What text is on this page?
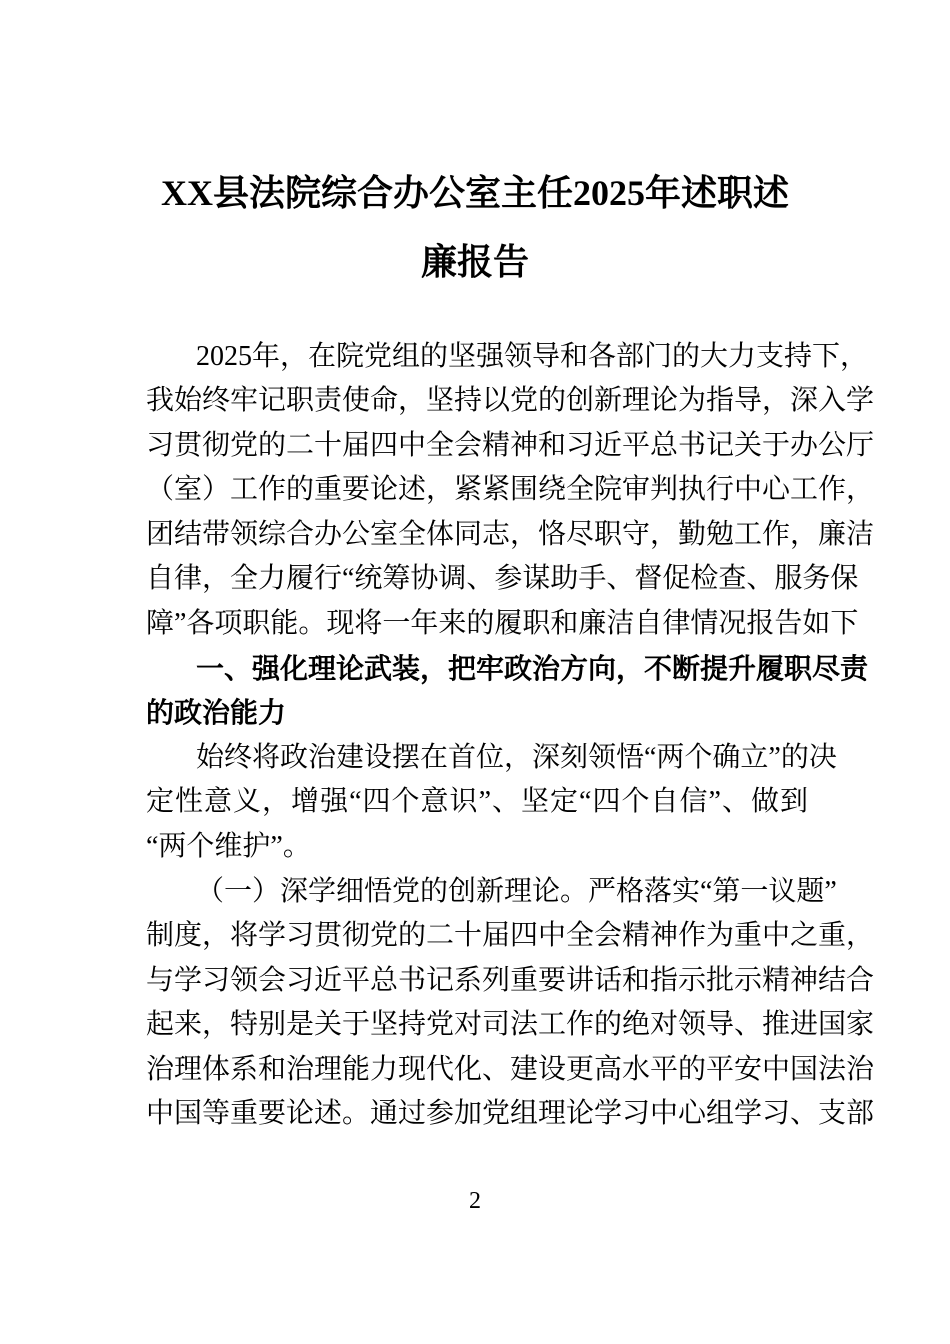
XX县法院综合办公室主任2025年述职述
廉报告
2025年，在院党组的坚强领导和各部门的大力支持下，
我始终牢记职责使命，坚持以党的创新理论为指导，深入学
习贯彻党的二十届四中全会精神和习近平总书记关于办公厅
（室）工作的重要论述，紧紧围绕全院审判执行中心工作，
团结带领综合办公室全体同志，恪尽职守，勤勉工作，廉洁
自律，全力履行“统筹协调、参谋助手、督促检查、服务保
障”各项职能。现将一年来的履职和廉洁自律情况报告如下
一、强化理论武装，把牢政治方向，不断提升履职尽责
的政治能力
始终将政治建设摆在首位，深刻领悟“两个确立”的决
定性意义，增强“四个意识”、坚定“四个自信”、做到
“两个维护”。
（一）深学细悟党的创新理论。严格落实“第一议题”
制度，将学习贯彻党的二十届四中全会精神作为重中之重，
与学习领会习近平总书记系列重要讲话和指示批示精神结合
起来，特别是关于坚持党对司法工作的绝对领导、推进国家
治理体系和治理能力现代化、建设更高水平的平安中国法治
中国等重要论述。通过参加党组理论学习中心组学习、支部
2
